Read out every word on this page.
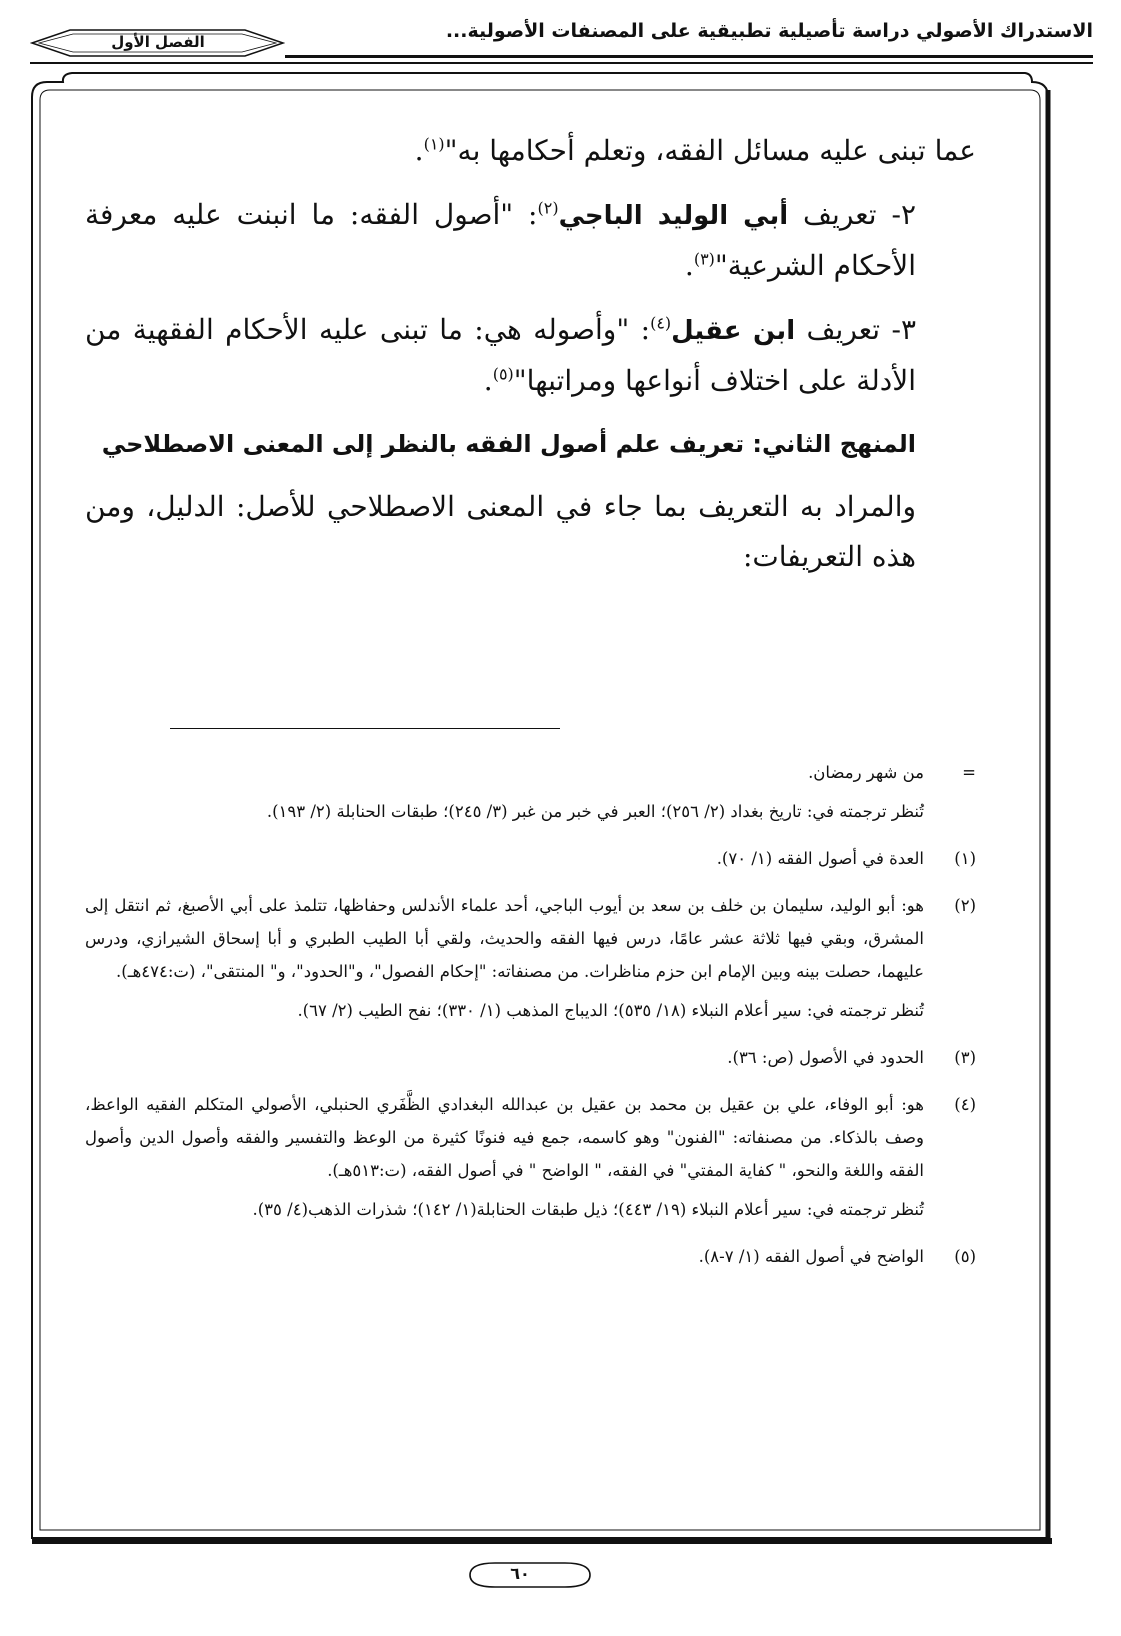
الاستدراك الأصولي دراسة تأصيلية تطبيقية على المصنفات الأصولية...
الفصل الأول

عما تبنى عليه مسائل الفقه، وتعلم أحكامها به"$^{(١)}$.

٢- تعريف أبي الوليد الباجي$^{(٢)}$: "أصول الفقه: ما انبنت عليه معرفة الأحكام الشرعية"$^{(٣)}$.

٣- تعريف ابن عقيل$^{(٤)}$: "وأصوله هي: ما تبنى عليه الأحكام الفقهية من الأدلة على اختلاف أنواعها ومراتبها"$^{(٥)}$.

المنهج الثاني: تعريف علم أصول الفقه بالنظر إلى المعنى الاصطلاحي

والمراد به التعريف بما جاء في المعنى الاصطلاحي للأصل: الدليل، ومن هذه التعريفات:

=
من شهر رمضان.
تُنظر ترجمته في: تاريخ بغداد (٢/ ٢٥٦)؛ العبر في خبر من غبر (٣/ ٢٤٥)؛ طبقات الحنابلة (٢/ ١٩٣).
(١)
العدة في أصول الفقه (١/ ٧٠).
(٢)
هو: أبو الوليد، سليمان بن خلف بن سعد بن أيوب الباجي، أحد علماء الأندلس وحفاظها، تتلمذ على أبي الأصبغ، ثم انتقل إلى المشرق، وبقي فيها ثلاثة عشر عامًا، درس فيها الفقه والحديث، ولقي أبا الطيب الطبري و أبا إسحاق الشيرازي، ودرس عليهما، حصلت بينه وبين الإمام ابن حزم مناظرات. من مصنفاته: "إحكام الفصول"، و"الحدود"، و" المنتقى"، (ت:٤٧٤هـ).
تُنظر ترجمته في: سير أعلام النبلاء (١٨/ ٥٣٥)؛ الديباج المذهب (١/ ٣٣٠)؛ نفح الطيب (٢/ ٦٧).
(٣)
الحدود في الأصول (ص: ٣٦).
(٤)
هو: أبو الوفاء، علي بن عقيل بن محمد بن عقيل بن عبدالله البغدادي الظَّفَري الحنبلي، الأصولي المتكلم الفقيه الواعظ، وصف بالذكاء. من مصنفاته: "الفنون" وهو كاسمه، جمع فيه فنونًا كثيرة من الوعظ والتفسير والفقه وأصول الدين وأصول الفقه واللغة والنحو، " كفاية المفتي" في الفقه، " الواضح " في أصول الفقه، (ت:٥١٣هـ).
تُنظر ترجمته في: سير أعلام النبلاء (١٩/ ٤٤٣)؛ ذيل طبقات الحنابلة(١/ ١٤٢)؛ شذرات الذهب(٤/ ٣٥).
(٥)
الواضح في أصول الفقه (١/ ٧-٨).
٦٠
